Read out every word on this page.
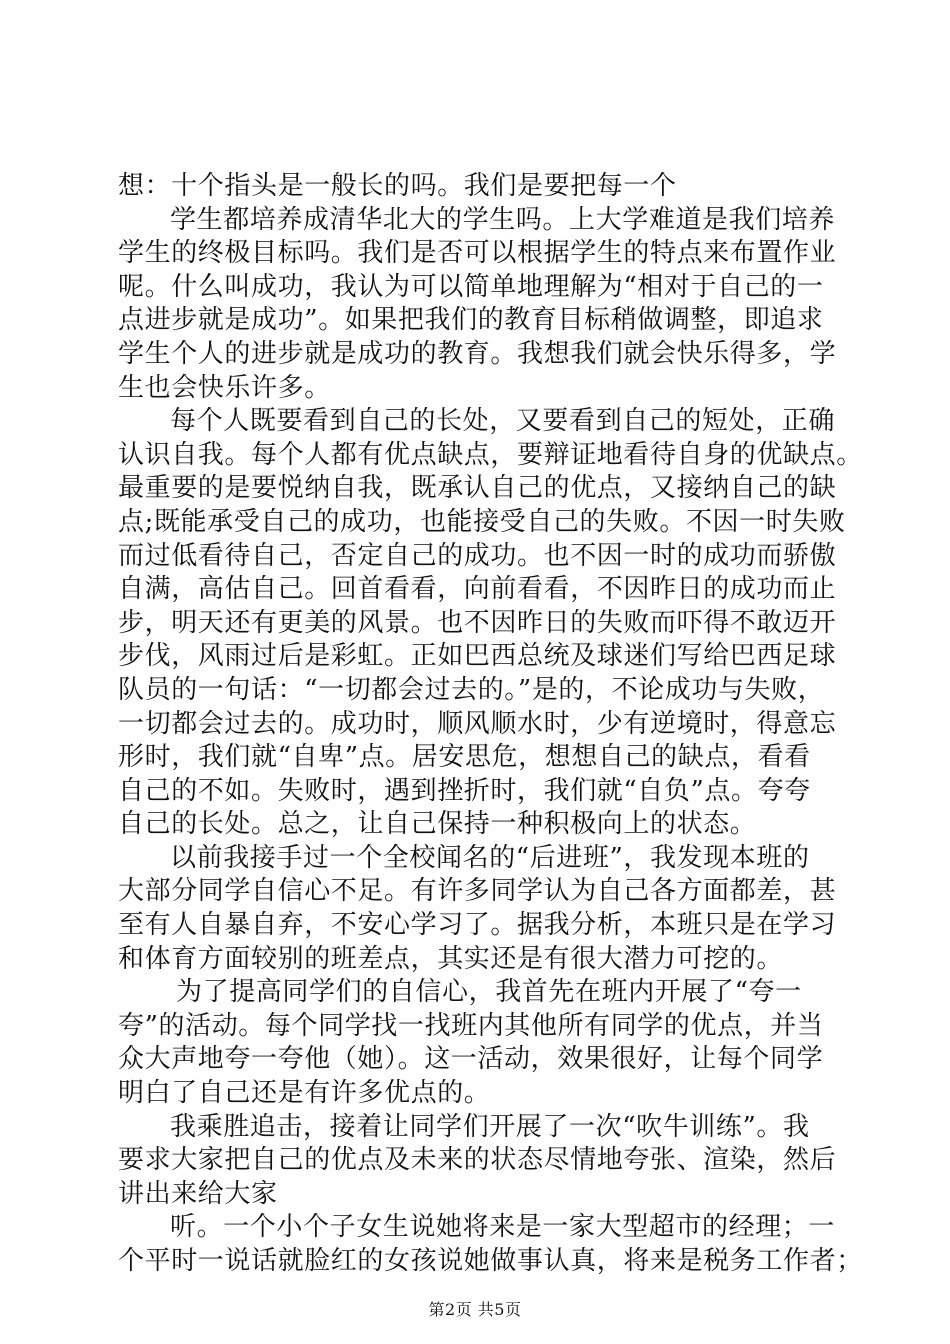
想：十个指头是一般长的吗。我们是要把每一个
学生都培养成清华北大的学生吗。上大学难道是我们培养
学生的终极目标吗。我们是否可以根据学生的特点来布置作业
呢。什么叫成功，我认为可以简单地理解为“相对于自己的一
点进步就是成功”。如果把我们的教育目标稍做调整，即追求
学生个人的进步就是成功的教育。我想我们就会快乐得多，学
生也会快乐许多。
每个人既要看到自己的长处，又要看到自己的短处，正确
认识自我。每个人都有优点缺点，要辩证地看待自身的优缺点。
最重要的是要悦纳自我，既承认自己的优点，又接纳自己的缺
点;既能承受自己的成功，也能接受自己的失败。不因一时失败
而过低看待自己，否定自己的成功。也不因一时的成功而骄傲
自满，高估自己。回首看看，向前看看，不因昨日的成功而止
步，明天还有更美的风景。也不因昨日的失败而吓得不敢迈开
步伐，风雨过后是彩虹。正如巴西总统及球迷们写给巴西足球
队员的一句话：“一切都会过去的。”是的，不论成功与失败，
一切都会过去的。成功时，顺风顺水时，少有逆境时，得意忘
形时，我们就“自卑”点。居安思危，想想自己的缺点，看看
自己的不如。失败时，遇到挫折时，我们就“自负”点。夸夸
自己的长处。总之，让自己保持一种积极向上的状态。
以前我接手过一个全校闻名的“后进班”，我发现本班的
大部分同学自信心不足。有许多同学认为自己各方面都差，甚
至有人自暴自弃，不安心学习了。据我分析，本班只是在学习
和体育方面较别的班差点，其实还是有很大潜力可挖的。
为了提高同学们的自信心，我首先在班内开展了“夸一
夸”的活动。每个同学找一找班内其他所有同学的优点，并当
众大声地夸一夸他（她）。这一活动，效果很好，让每个同学
明白了自己还是有许多优点的。
我乘胜追击，接着让同学们开展了一次“吹牛训练”。我
要求大家把自己的优点及未来的状态尽情地夸张、渲染，然后
讲出来给大家
听。一个小个子女生说她将来是一家大型超市的经理；一
个平时一说话就脸红的女孩说她做事认真，将来是税务工作者；
第2页 共5页
